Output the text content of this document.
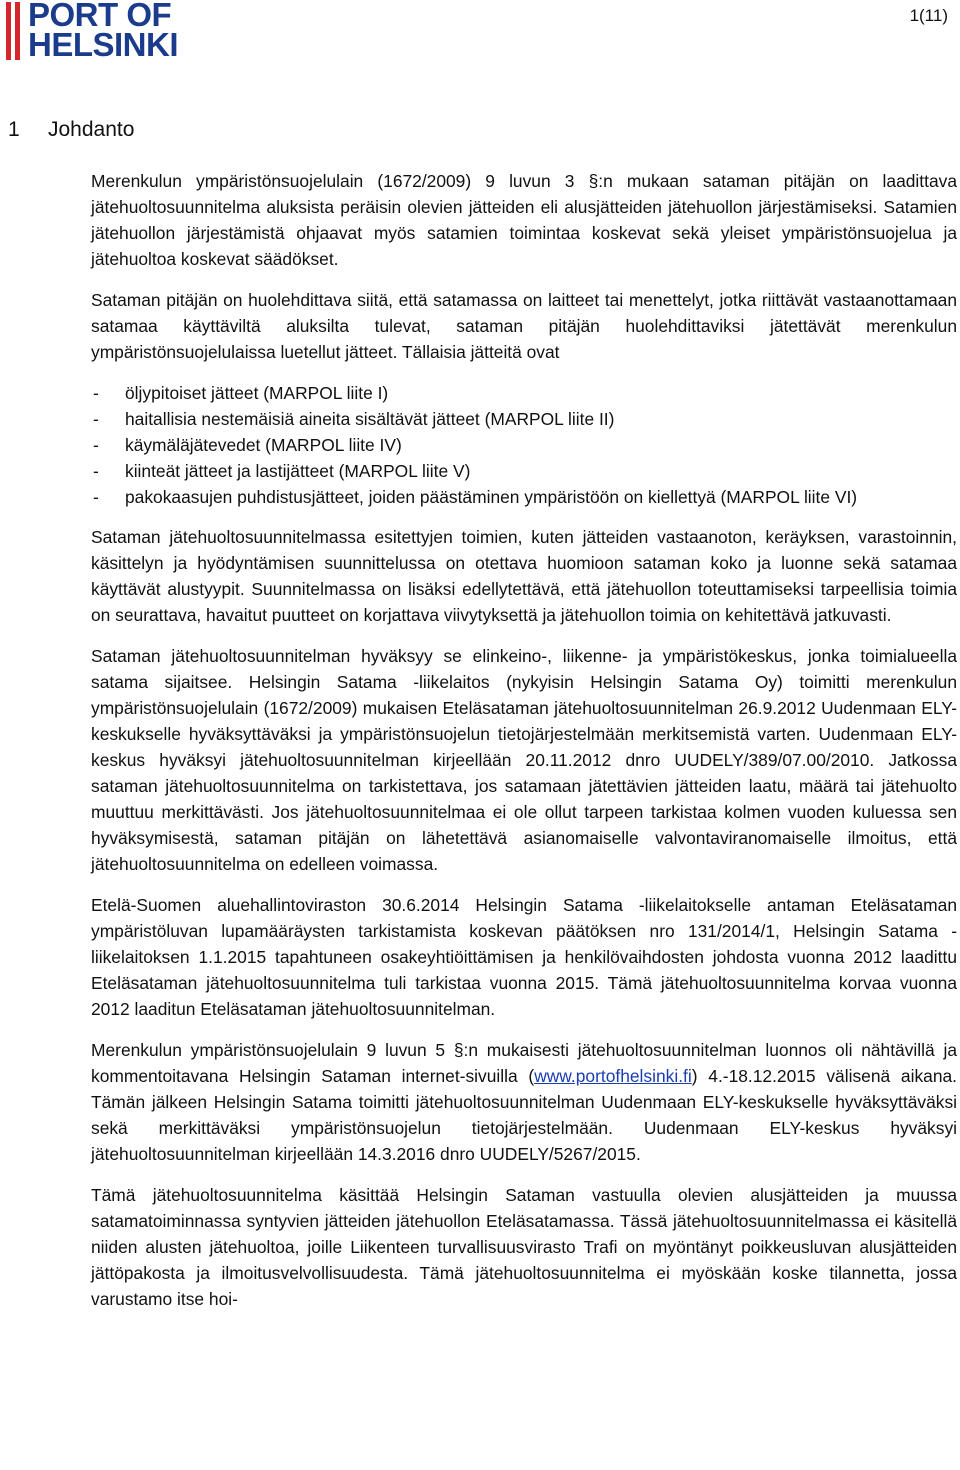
PORT OF
HELSINKI
1(11)
1 Johdanto

Merenkulun ympäristönsuojelulain (1672/2009) 9 luvun 3 §:n mukaan sataman pitäjän on laadittava jätehuoltosuunnitelma aluksista peräisin olevien jätteiden eli alusjätteiden jätehuollon järjestämiseksi. Satamien jätehuollon järjestämistä ohjaavat myös satamien toimintaa koskevat sekä yleiset ympäristönsuojelua ja jätehuoltoa koskevat säädökset.

Sataman pitäjän on huolehdittava siitä, että satamassa on laitteet tai menettelyt, jotka riittävät vastaanottamaan satamaa käyttäviltä aluksilta tulevat, sataman pitäjän huolehdittaviksi jätettävät merenkulun ympäristönsuojelulaissa luetellut jätteet. Tällaisia jätteitä ovat

- öljypitoiset jätteet (MARPOL liite I)
- haitallisia nestemäisiä aineita sisältävät jätteet (MARPOL liite II)
- käymäläjätevedet (MARPOL liite IV)
- kiinteät jätteet ja lastijätteet (MARPOL liite V)
- pakokaasujen puhdistusjätteet, joiden päästäminen ympäristöön on kiellettyä (MARPOL liite VI)

Sataman jätehuoltosuunnitelmassa esitettyjen toimien, kuten jätteiden vastaanoton, keräyksen, varastoinnin, käsittelyn ja hyödyntämisen suunnittelussa on otettava huomioon sataman koko ja luonne sekä satamaa käyttävät alustyypit. Suunnitelmassa on lisäksi edellytettävä, että jätehuollon toteuttamiseksi tarpeellisia toimia on seurattava, havaitut puutteet on korjattava viivytyksettä ja jätehuollon toimia on kehitettävä jatkuvasti.

Sataman jätehuoltosuunnitelman hyväksyy se elinkeino-, liikenne- ja ympäristökeskus, jonka toimialueella satama sijaitsee. Helsingin Satama -liikelaitos (nykyisin Helsingin Satama Oy) toimitti merenkulun ympäristönsuojelulain (1672/2009) mukaisen Eteläsataman jätehuoltosuunnitelman 26.9.2012 Uudenmaan ELY-keskukselle hyväksyttäväksi ja ympäristönsuojelun tietojärjestelmään merkitsemistä varten. Uudenmaan ELY-keskus hyväksyi jätehuoltosuunnitelman kirjeellään 20.11.2012 dnro UUDELY/389/07.00/2010. Jatkossa sataman jätehuoltosuunnitelma on tarkistettava, jos satamaan jätettävien jätteiden laatu, määrä tai jätehuolto muuttuu merkittävästi. Jos jätehuoltosuunnitelmaa ei ole ollut tarpeen tarkistaa kolmen vuoden kuluessa sen hyväksymisestä, sataman pitäjän on lähetettävä asianomaiselle valvontaviranomaiselle ilmoitus, että jätehuoltosuunnitelma on edelleen voimassa.

Etelä-Suomen aluehallintoviraston 30.6.2014 Helsingin Satama -liikelaitokselle antaman Eteläsataman ympäristöluvan lupamääräysten tarkistamista koskevan päätöksen nro 131/2014/1, Helsingin Satama -liikelaitoksen 1.1.2015 tapahtuneen osakeyhtiöittämisen ja henkilövaihdosten johdosta vuonna 2012 laadittu Eteläsataman jätehuoltosuunnitelma tuli tarkistaa vuonna 2015. Tämä jätehuoltosuunnitelma korvaa vuonna 2012 laaditun Eteläsataman jätehuoltosuunnitelman.

Merenkulun ympäristönsuojelulain 9 luvun 5 §:n mukaisesti jätehuoltosuunnitelman luonnos oli nähtävillä ja kommentoitavana Helsingin Sataman internet-sivuilla (www.portofhelsinki.fi) 4.-18.12.2015 välisenä aikana. Tämän jälkeen Helsingin Satama toimitti jätehuoltosuunnitelman Uudenmaan ELY-keskukselle hyväksyttäväksi sekä merkittäväksi ympäristönsuojelun tietojärjestelmään. Uudenmaan ELY-keskus hyväksyi jätehuoltosuunnitelman kirjeellään 14.3.2016 dnro UUDELY/5267/2015.

Tämä jätehuoltosuunnitelma käsittää Helsingin Sataman vastuulla olevien alusjätteiden ja muussa satamatoiminnassa syntyvien jätteiden jätehuollon Eteläsatamassa. Tässä jätehuoltosuunnitelmassa ei käsitellä niiden alusten jätehuoltoa, joille Liikenteen turvallisuusvirasto Trafi on myöntänyt poikkeusluvan alusjätteiden jättöpakosta ja ilmoitusvelvollisuudesta. Tämä jätehuoltosuunnitelma ei myöskään koske tilannetta, jossa varustamo itse hoi-
